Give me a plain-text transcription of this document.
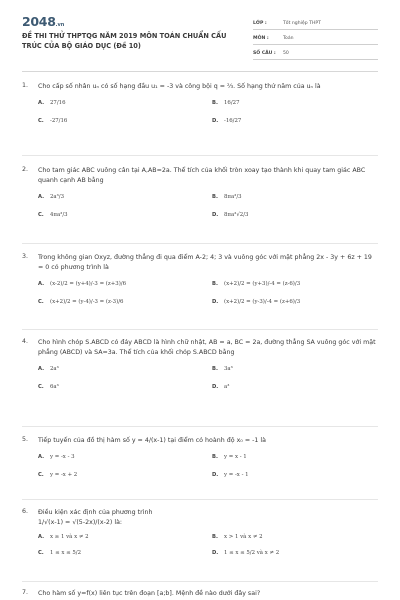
2048.vn
ĐỀ THI THỬ THPTQG NĂM 2019 MÔN TOÁN CHUẨN CẤU TRÚC CỦA BỘ GIÁO DỤC (Đề 10)
LỚP :	Tốt nghiệp THPT
MÔN :	Toán
SỐ CÂU :	50
1.	Cho cấp số nhân uₙ có số hạng đầu u₁ = -3 và công bội q = ⅔. Số hạng thứ năm của uₙ là
A.	27/16	B.	16/27
C.	-27/16	D.	-16/27
2.	Cho tam giác ABC vuông cân tại A,AB=2a. Thể tích của khối tròn xoay tạo thành khi quay tam giác ABC quanh cạnh AB bằng
A.	2a³/3	B.	8πa³/3
C.	4πa³/3	D.	8πa³√2/3
3.	Trong không gian Oxyz, đường thẳng đi qua điểm A-2; 4; 3 và vuông góc với mặt phẳng 2x - 3y + 6z + 19 = 0 có phương trình là
A.	(x-2)/2 = (y+4)/-3 = (z+3)/6	B.	(x+2)/2 = (y+3)/-4 = (z-6)/3
C.	(x+2)/2 = (y-4)/-3 = (z-3)/6	D.	(x+2)/2 = (y-3)/-4 = (z+6)/3
4.	Cho hình chóp S.ABCD có đáy ABCD là hình chữ nhật, AB = a, BC = 2a, đường thẳng SA vuông góc với mặt phẳng (ABCD) và SA=3a. Thể tích của khối chóp S.ABCD bằng
A.	2a³	B.	3a³
C.	6a³	D.	a³
5.	Tiếp tuyến của đồ thị hàm số y = 4/(x-1) tại điểm có hoành độ x₀ = -1 là
A.	y = -x - 3	B.	y = x - 1
C.	y = -x + 2	D.	y = -x - 1
6.	Điều kiện xác định của phương trình
1/√(x-1) = √(5-2x)/(x-2) là:
A.	x ≥ 1 và x ≠ 2	B.	x > 1 và x ≠ 2
C.	1 ≤ x ≤ 5/2	D.	1 ≤ x ≤ 5/2 và x ≠ 2
7.	Cho hàm số y=f(x) liên tục trên đoạn [a;b]. Mệnh đề nào dưới đây sai?
